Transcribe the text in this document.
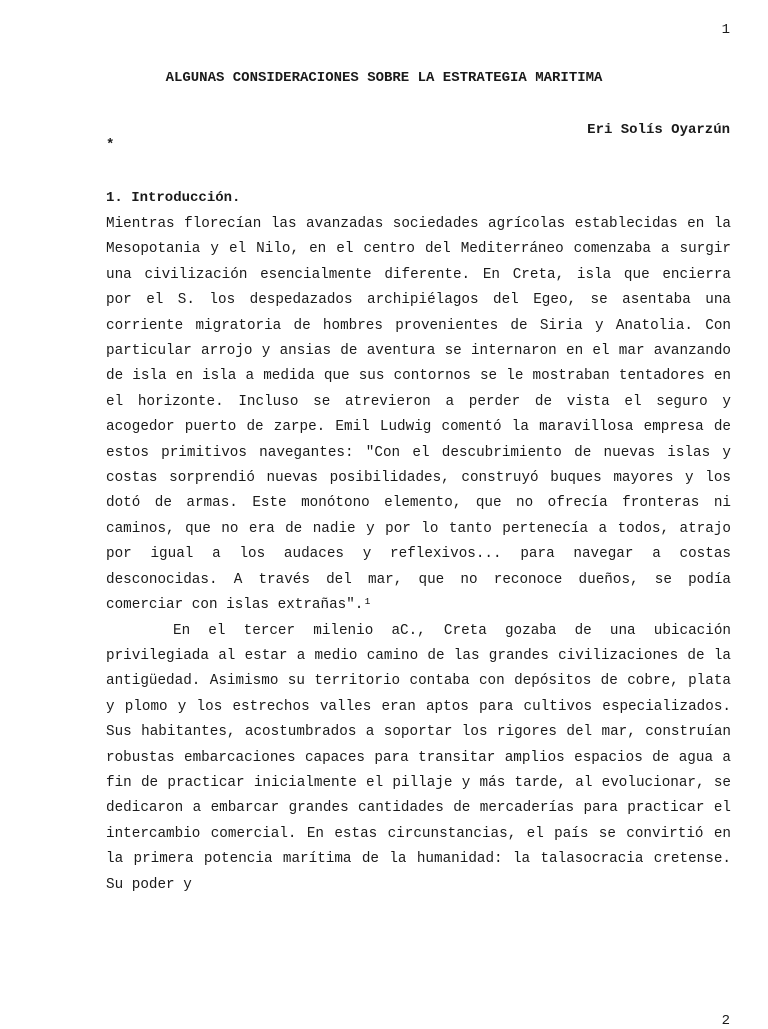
1
ALGUNAS CONSIDERACIONES SOBRE LA ESTRATEGIA MARITIMA
Eri Solís Oyarzún
*
1. Introducción.

Mientras florecían las avanzadas sociedades agrícolas establecidas en la Mesopotania y el Nilo, en el centro del Mediterráneo comenzaba a surgir una civilización esencialmente diferente. En Creta, isla que encierra por el S. los despedazados archipiélagos del Egeo, se asentaba una corriente migratoria de hombres provenientes de Siria y Anatolia. Con particular arrojo y ansias de aventura se internaron en el mar avanzando de isla en isla a medida que sus contornos se le mostraban tentadores en el horizonte. Incluso se atrevieron a perder de vista el seguro y acogedor puerto de zarpe. Emil Ludwig comentó la maravillosa empresa de estos primitivos navegantes: "Con el descubrimiento de nuevas islas y costas sorprendió nuevas posibilidades, construyó buques mayores y los dotó de armas. Este monótono elemento, que no ofrecía fronteras ni caminos, que no era de nadie y por lo tanto pertenecía a todos, atrajo por igual a los audaces y reflexivos... para navegar a costas desconocidas. A través del mar, que no reconoce dueños, se podía comerciar con islas extrañas".¹

En el tercer milenio aC., Creta gozaba de una ubicación privilegiada al estar a medio camino de las grandes civilizaciones de la antigüedad. Asimismo su territorio contaba con depósitos de cobre, plata y plomo y los estrechos valles eran aptos para cultivos especializados. Sus habitantes, acostumbrados a soportar los rigores del mar, construían robustas embarcaciones capaces para transitar amplios espacios de agua a fin de practicar inicialmente el pillaje y más tarde, al evolucionar, se dedicaron a embarcar grandes cantidades de mercaderías para practicar el intercambio comercial. En estas circunstancias, el país se convirtió en la primera potencia marítima de la humanidad: la talasocracia cretense. Su poder y

2
